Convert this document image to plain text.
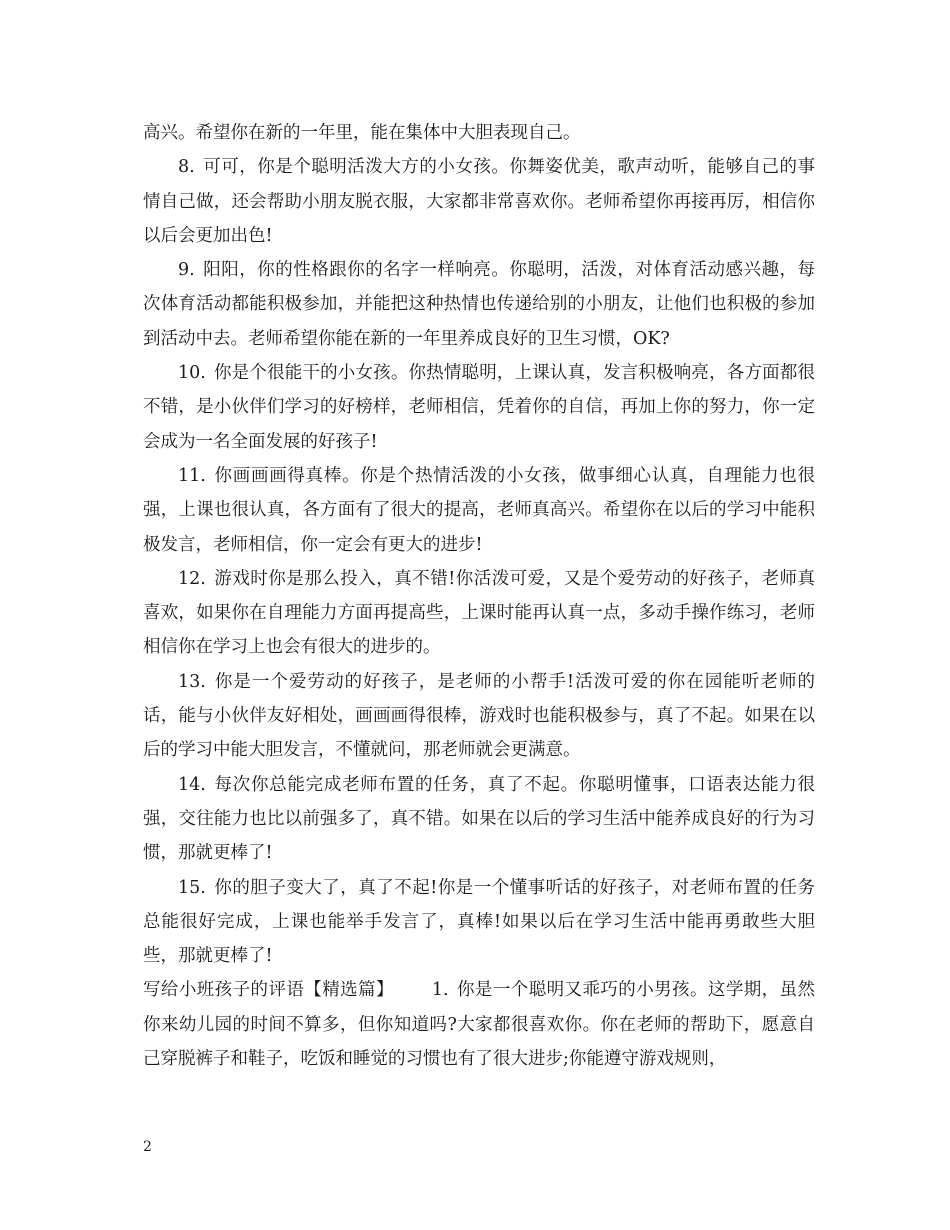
高兴。希望你在新的一年里，能在集体中大胆表现自己。

8. 可可，你是个聪明活泼大方的小女孩。你舞姿优美，歌声动听，能够自己的事情自己做，还会帮助小朋友脱衣服，大家都非常喜欢你。老师希望你再接再厉，相信你以后会更加出色!

9. 阳阳，你的性格跟你的名字一样响亮。你聪明，活泼，对体育活动感兴趣，每次体育活动都能积极参加，并能把这种热情也传递给别的小朋友，让他们也积极的参加到活动中去。老师希望你能在新的一年里养成良好的卫生习惯，OK?

10. 你是个很能干的小女孩。你热情聪明，上课认真，发言积极响亮，各方面都很不错，是小伙伴们学习的好榜样，老师相信，凭着你的自信，再加上你的努力，你一定会成为一名全面发展的好孩子!

11. 你画画画得真棒。你是个热情活泼的小女孩，做事细心认真，自理能力也很强，上课也很认真，各方面有了很大的提高，老师真高兴。希望你在以后的学习中能积极发言，老师相信，你一定会有更大的进步!

12. 游戏时你是那么投入，真不错!你活泼可爱，又是个爱劳动的好孩子，老师真喜欢，如果你在自理能力方面再提高些，上课时能再认真一点，多动手操作练习，老师相信你在学习上也会有很大的进步的。

13. 你是一个爱劳动的好孩子，是老师的小帮手!活泼可爱的你在园能听老师的话，能与小伙伴友好相处，画画画得很棒，游戏时也能积极参与，真了不起。如果在以后的学习中能大胆发言，不懂就问，那老师就会更满意。

14. 每次你总能完成老师布置的任务，真了不起。你聪明懂事，口语表达能力很强，交往能力也比以前强多了，真不错。如果在以后的学习生活中能养成良好的行为习惯，那就更棒了!

15. 你的胆子变大了，真了不起!你是一个懂事听话的好孩子，对老师布置的任务总能很好完成，上课也能举手发言了，真棒!如果以后在学习生活中能再勇敢些大胆些，那就更棒了!

写给小班孩子的评语【精选篇】 1. 你是一个聪明又乖巧的小男孩。这学期，虽然你来幼儿园的时间不算多，但你知道吗?大家都很喜欢你。你在老师的帮助下，愿意自己穿脱裤子和鞋子，吃饭和睡觉的习惯也有了很大进步;你能遵守游戏规则，

2
